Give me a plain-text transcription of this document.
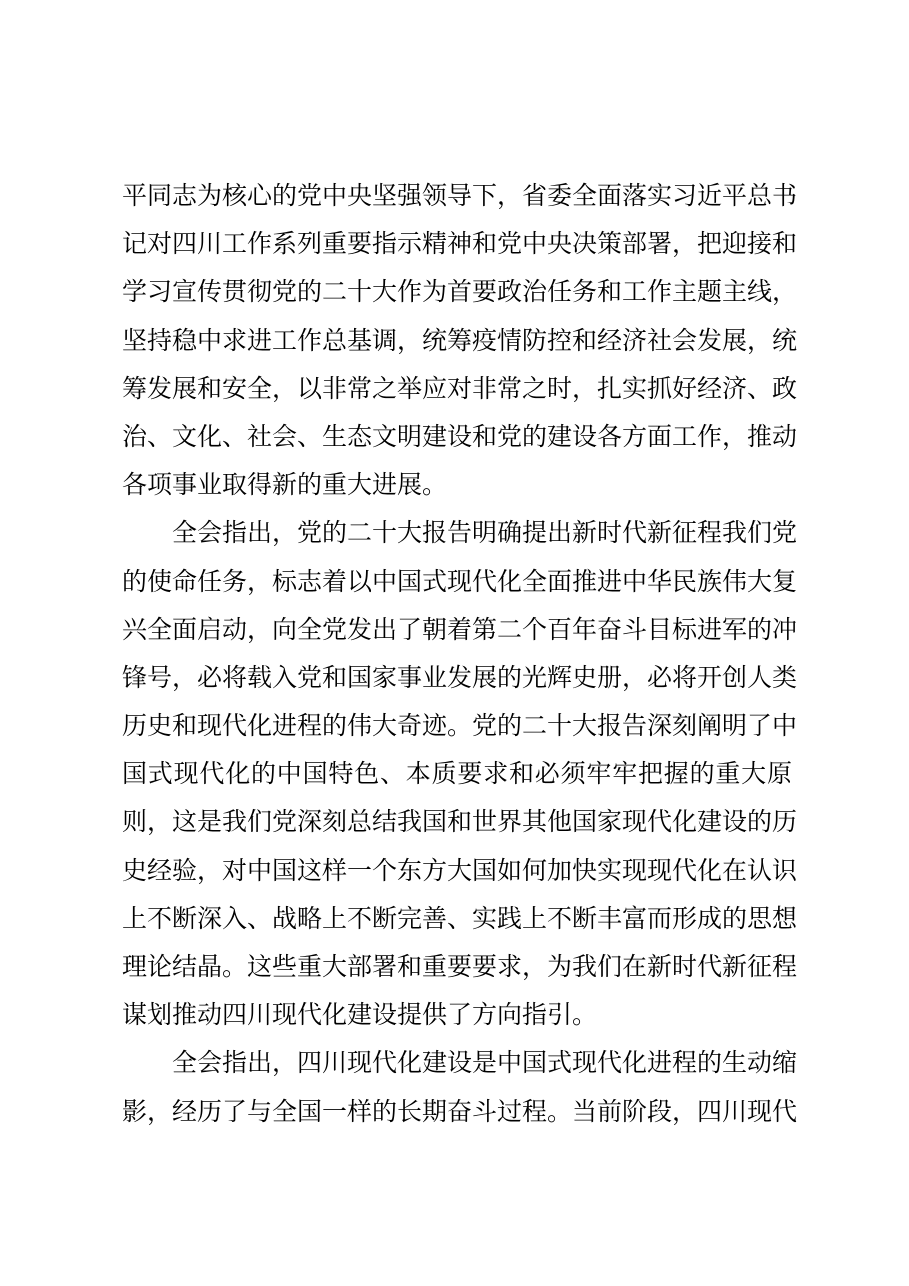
平同志为核心的党中央坚强领导下，省委全面落实习近平总书
记对四川工作系列重要指示精神和党中央决策部署，把迎接和
学习宣传贯彻党的二十大作为首要政治任务和工作主题主线，
坚持稳中求进工作总基调，统筹疫情防控和经济社会发展，统
筹发展和安全，以非常之举应对非常之时，扎实抓好经济、政
治、文化、社会、生态文明建设和党的建设各方面工作，推动
各项事业取得新的重大进展。
全会指出，党的二十大报告明确提出新时代新征程我们党
的使命任务，标志着以中国式现代化全面推进中华民族伟大复
兴全面启动，向全党发出了朝着第二个百年奋斗目标进军的冲
锋号，必将载入党和国家事业发展的光辉史册，必将开创人类
历史和现代化进程的伟大奇迹。党的二十大报告深刻阐明了中
国式现代化的中国特色、本质要求和必须牢牢把握的重大原
则，这是我们党深刻总结我国和世界其他国家现代化建设的历
史经验，对中国这样一个东方大国如何加快实现现代化在认识
上不断深入、战略上不断完善、实践上不断丰富而形成的思想
理论结晶。这些重大部署和重要要求，为我们在新时代新征程
谋划推动四川现代化建设提供了方向指引。
全会指出，四川现代化建设是中国式现代化进程的生动缩
影，经历了与全国一样的长期奋斗过程。当前阶段，四川现代
